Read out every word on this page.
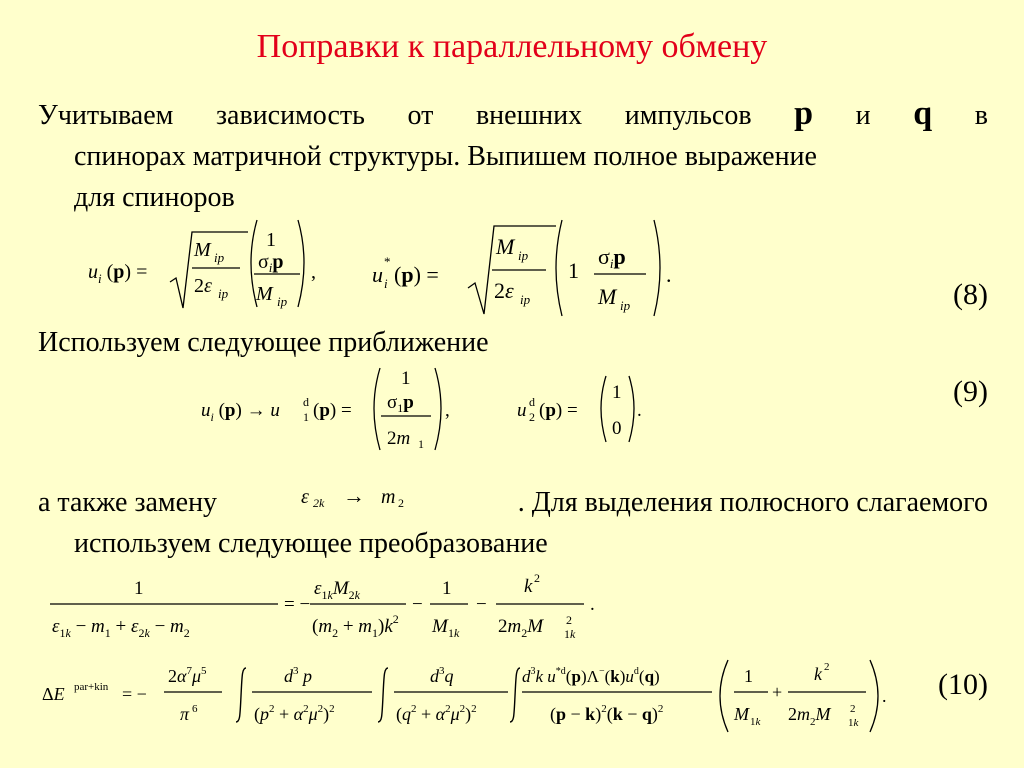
Поправки к параллельному обмену
Учитываем зависимость от внешних импульсов p и q в
спинорах матричной структуры. Выпишем полное выражение
для спиноров
$u_i$ (p) =
M ip
2ε ip
1
$\sigma_ip$
M ip
,	u
*
i (p) =
M ip
2ε ip
1
σip
M ip
.
(8)
Используем следующее приближение
$u_i$ (p) → u d
1 (p) =
1
$\sigma_1p$
2m 1
,	u d
2 (p) =
1
0
.
(9)
а также замену	ε 2k → m 2	. Для выделения полюсного слагаемого
используем следующее преобразование
1
$\varepsilon_{1k} - m_1 + \varepsilon_{2k} - m_2$
= −
$\varepsilon_{1k}M_{2k}$
$(m_2 + m_1)k^2$
−
1
M 1k
−
k 2
$2m_2M$ 2
1k
.
ΔE par+kin = −
$2\alpha^7\mu^5$
π 6
$d^3$ p
$(p^2 + \alpha^2\mu^2)^2$
$d^3q$
$(q^2 + \alpha^2\mu^2)^2$
$d^3k$ $u^{*d}(p)\Lambda^-(k)u^d(q)$
$(p - k)^2(k - q)^2$
1
M 1k
+
k 2
$2m_2M$ 2
1k
. (10)
